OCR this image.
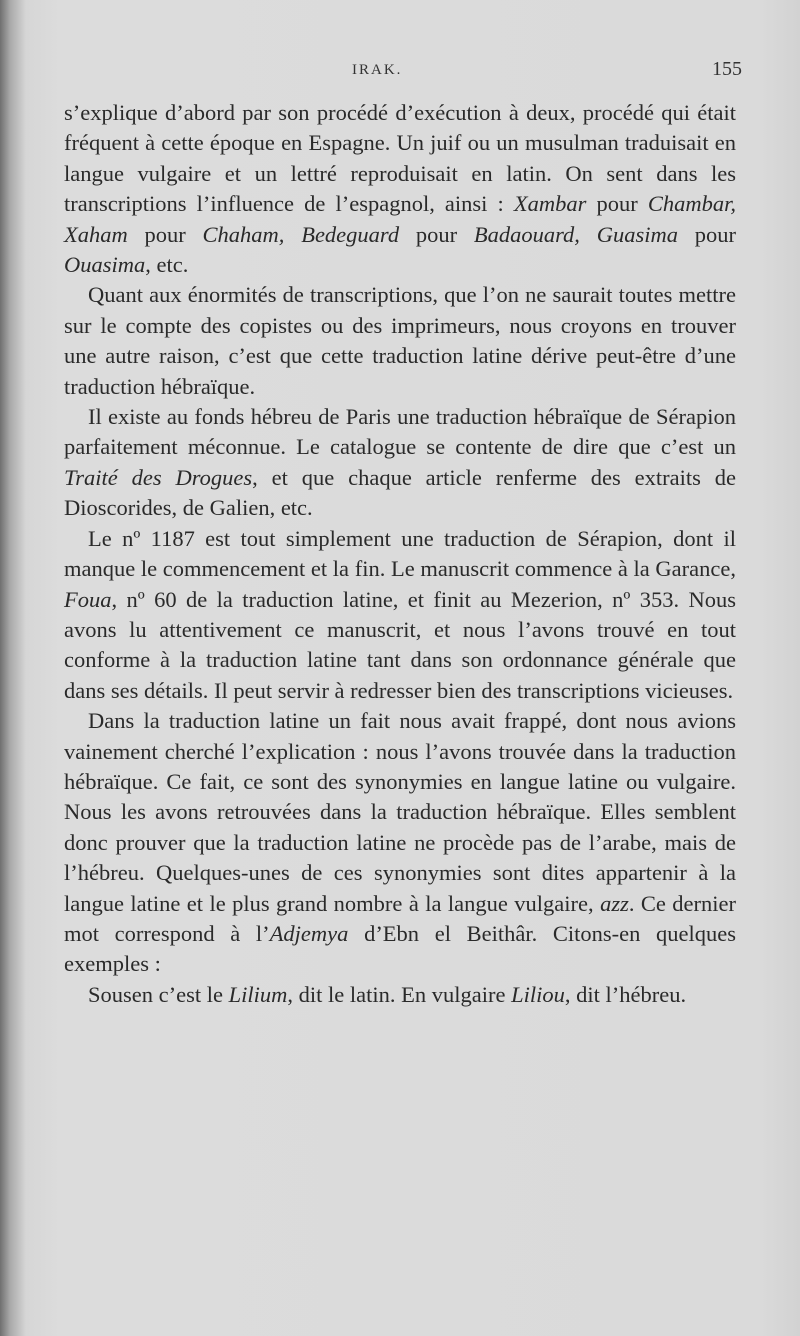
IRAK.	155

s’explique d’abord par son procédé d’exécution à deux, procédé qui était fréquent à cette époque en Espagne. Un juif ou un musulman traduisait en langue vulgaire et un lettré reproduisait en latin. On sent dans les transcriptions l’influence de l’espagnol, ainsi : Xambar pour Chambar, Xaham pour Chaham, Bedeguard pour Badaouard, Guasima pour Ouasima, etc.

Quant aux énormités de transcriptions, que l’on ne saurait toutes mettre sur le compte des copistes ou des imprimeurs, nous croyons en trouver une autre raison, c’est que cette traduction latine dérive peut-être d’une traduction hébraïque.

Il existe au fonds hébreu de Paris une traduction hébraïque de Sérapion parfaitement méconnue. Le catalogue se contente de dire que c’est un Traité des Drogues, et que chaque article renferme des extraits de Dioscorides, de Galien, etc.

Le nº 1187 est tout simplement une traduction de Sérapion, dont il manque le commencement et la fin. Le manuscrit commence à la Garance, Foua, nº 60 de la traduction latine, et finit au Mezerion, nº 353. Nous avons lu attentivement ce manuscrit, et nous l’avons trouvé en tout conforme à la traduction latine tant dans son ordonnance générale que dans ses détails. Il peut servir à redresser bien des transcriptions vicieuses.

Dans la traduction latine un fait nous avait frappé, dont nous avions vainement cherché l’explication : nous l’avons trouvée dans la traduction hébraïque. Ce fait, ce sont des synonymies en langue latine ou vulgaire. Nous les avons retrouvées dans la traduction hébraïque. Elles semblent donc prouver que la traduction latine ne procède pas de l’arabe, mais de l’hébreu. Quelques-unes de ces synonymies sont dites appartenir à la langue latine et le plus grand nombre à la langue vulgaire, azz. Ce dernier mot correspond à l’Adjemya d’Ebn el Beithâr. Citons-en quelques exemples :

Sousen c’est le Lilium, dit le latin. En vulgaire Liliou, dit l’hébreu.
